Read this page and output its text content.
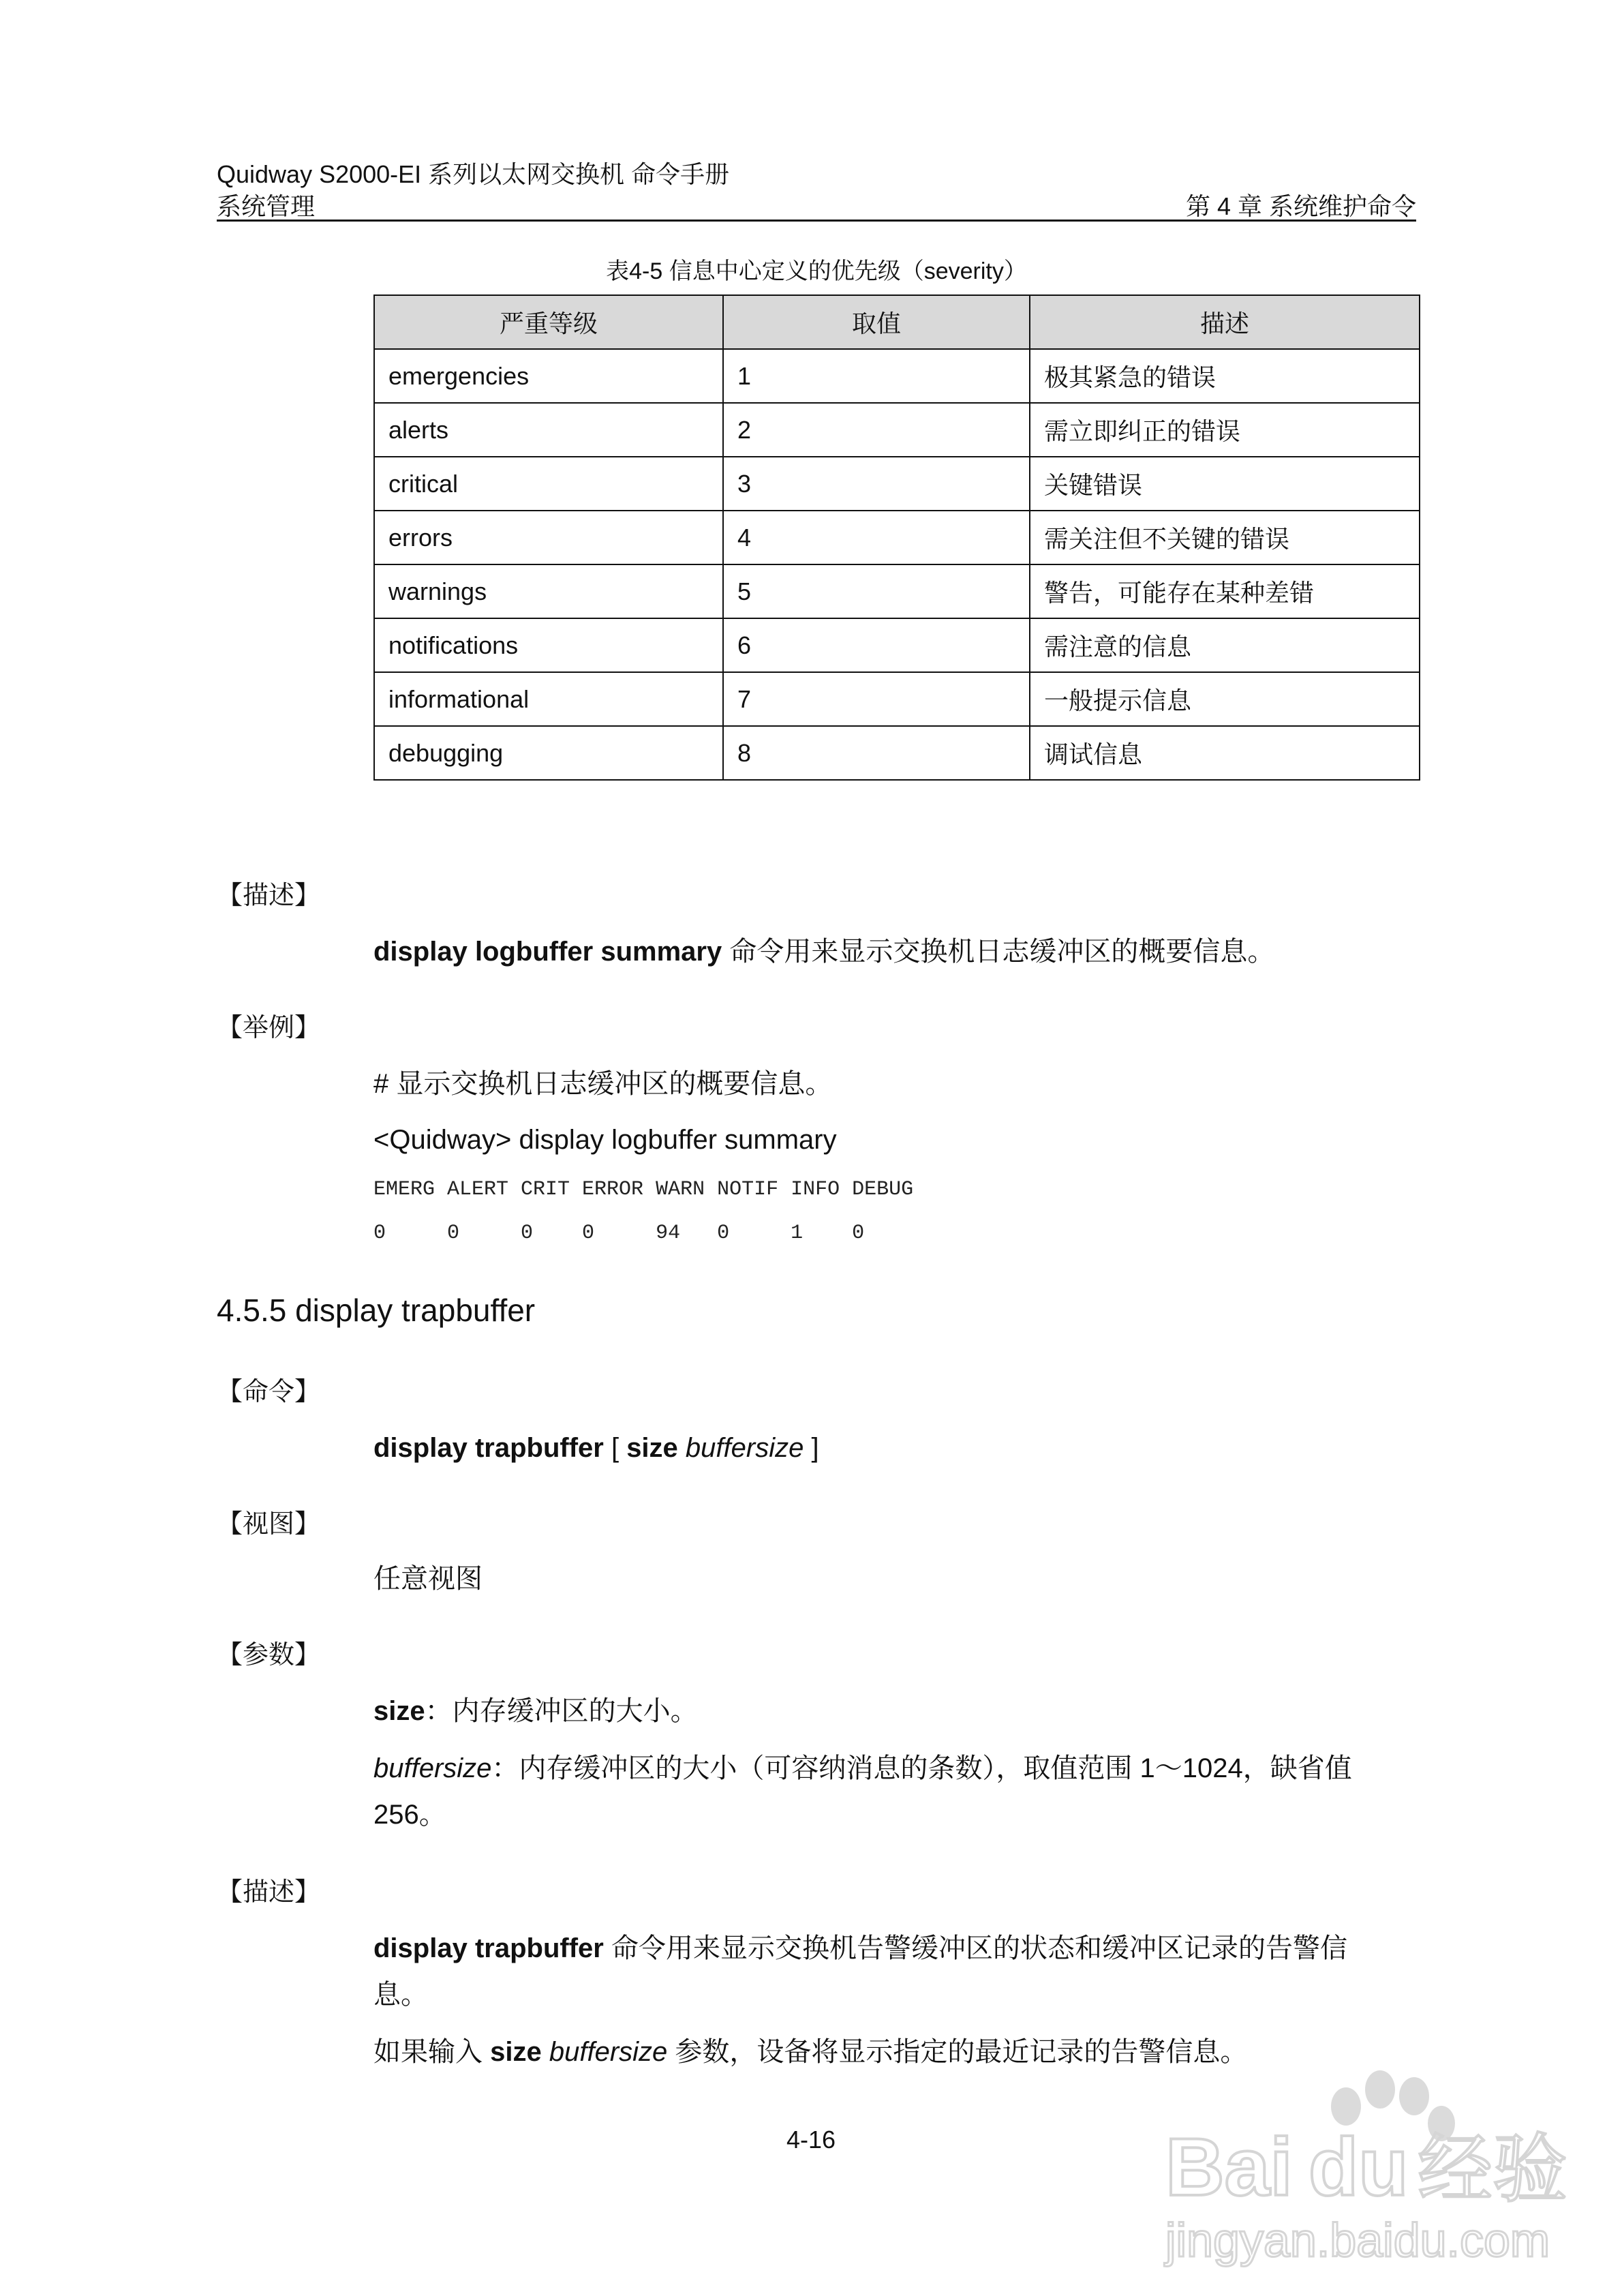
Quidway S2000-EI 系列以太网交换机 命令手册
系统管理	第 4 章 系统维护命令
表4-5 信息中心定义的优先级（severity）
严重等级	取值	描述
emergencies	1	极其紧急的错误
alerts	2	需立即纠正的错误
critical	3	关键错误
errors	4	需关注但不关键的错误
warnings	5	警告，可能存在某种差错
notifications	6	需注意的信息
informational	7	一般提示信息
debugging	8	调试信息
【描述】
display logbuffer summary 命令用来显示交换机日志缓冲区的概要信息。
【举例】
# 显示交换机日志缓冲区的概要信息。
<Quidway> display logbuffer summary
EMERG ALERT CRIT ERROR WARN NOTIF INFO DEBUG
0     0     0    0     94   0     1    0
4.5.5 display trapbuffer
【命令】
display trapbuffer [ size buffersize ]
【视图】
任意视图
【参数】
size：内存缓冲区的大小。
buffersize：内存缓冲区的大小（可容纳消息的条数），取值范围 1～1024，缺省值
256。
【描述】
display trapbuffer 命令用来显示交换机告警缓冲区的状态和缓冲区记录的告警信
息。
如果输入 size buffersize 参数，设备将显示指定的最近记录的告警信息。
4-16	Bai du 经验
jingyan.baidu.com
